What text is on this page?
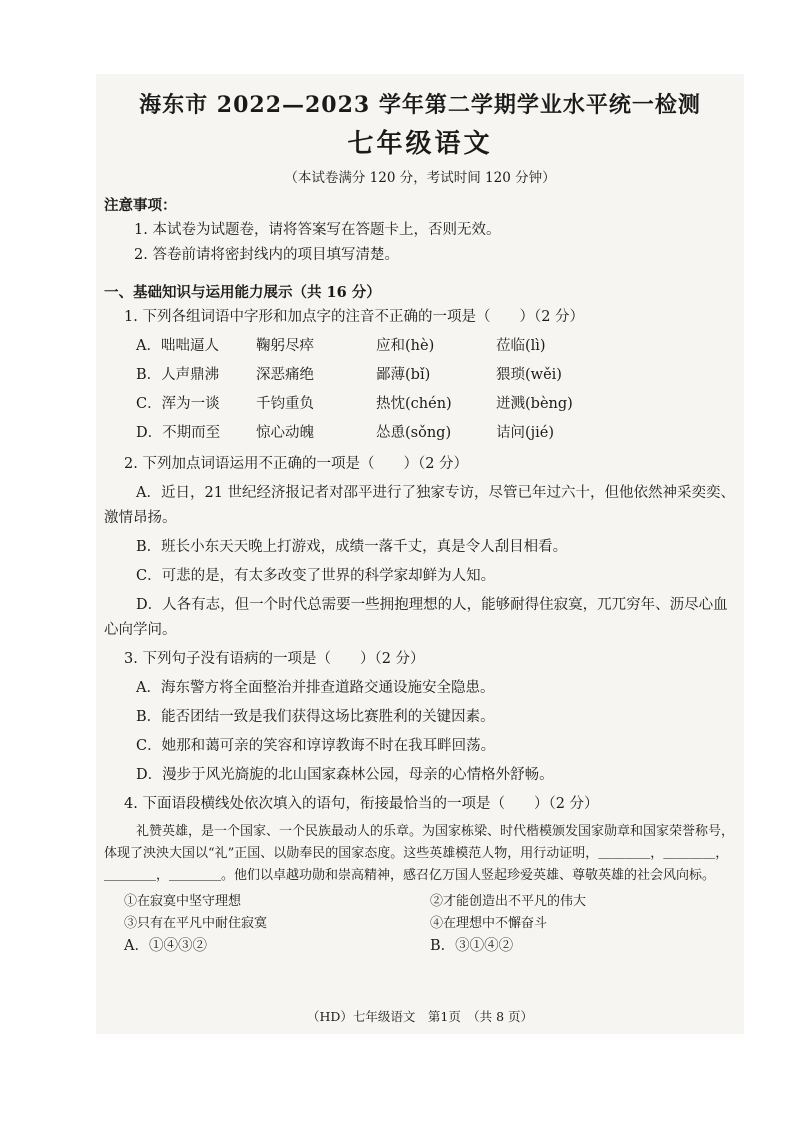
海东市 2022—2023 学年第二学期学业水平统一检测
七年级语文
（本试卷满分 120 分，考试时间 120 分钟）
注意事项：
1. 本试卷为试题卷，请将答案写在答题卡上，否则无效。
2. 答卷前请将密封线内的项目填写清楚。
一、基础知识与运用能力展示（共 16 分）
1. 下列各组词语中字形和加点字的注音不正确的一项是（　　）（2 分）
A．咄咄逼人	鞠躬尽瘁	应和(hè)	莅临(lì)
B．人声鼎沸	深恶痛绝	鄙薄(bǐ)	猥琐(wěi)
C．浑为一谈	千钧重负	热忱(chén)	迸溅(bèng)
D．不期而至	惊心动魄	怂恿(sǒng)	诘问(jié)
2. 下列加点词语运用不正确的一项是（　　）（2 分）
A．近日，21 世纪经济报记者对邵平进行了独家专访，尽管已年过六十，但他依然神采奕奕、激情昂扬。
B．班长小东天天晚上打游戏，成绩一落千丈，真是令人刮目相看。
C．可悲的是，有太多改变了世界的科学家却鲜为人知。
D．人各有志，但一个时代总需要一些拥抱理想的人，能够耐得住寂寞，兀兀穷年、沥尽心血心向学问。
3. 下列句子没有语病的一项是（　　）（2 分）
A．海东警方将全面整治并排查道路交通设施安全隐患。
B．能否团结一致是我们获得这场比赛胜利的关键因素。
C．她那和蔼可亲的笑容和谆谆教诲不时在我耳畔回荡。
D．漫步于风光旖旎的北山国家森林公园，母亲的心情格外舒畅。
4. 下面语段横线处依次填入的语句，衔接最恰当的一项是（　　）（2 分）
礼赞英雄，是一个国家、一个民族最动人的乐章。为国家栋梁、时代楷模颁发国家勋章和国家荣誉称号，体现了泱泱大国以“礼”正国、以勋奉民的国家态度。这些英雄模范人物，用行动证明，＿＿＿＿，＿＿＿＿，＿＿＿＿，＿＿＿＿。他们以卓越功勋和崇高精神，感召亿万国人竖起珍爱英雄、尊敬英雄的社会风向标。
①在寂寞中坚守理想	②才能创造出不平凡的伟大
③只有在平凡中耐住寂寞	④在理想中不懈奋斗
A．①④③②	B．③①④②
（HD）七年级语文　第1页　（共 8 页）
